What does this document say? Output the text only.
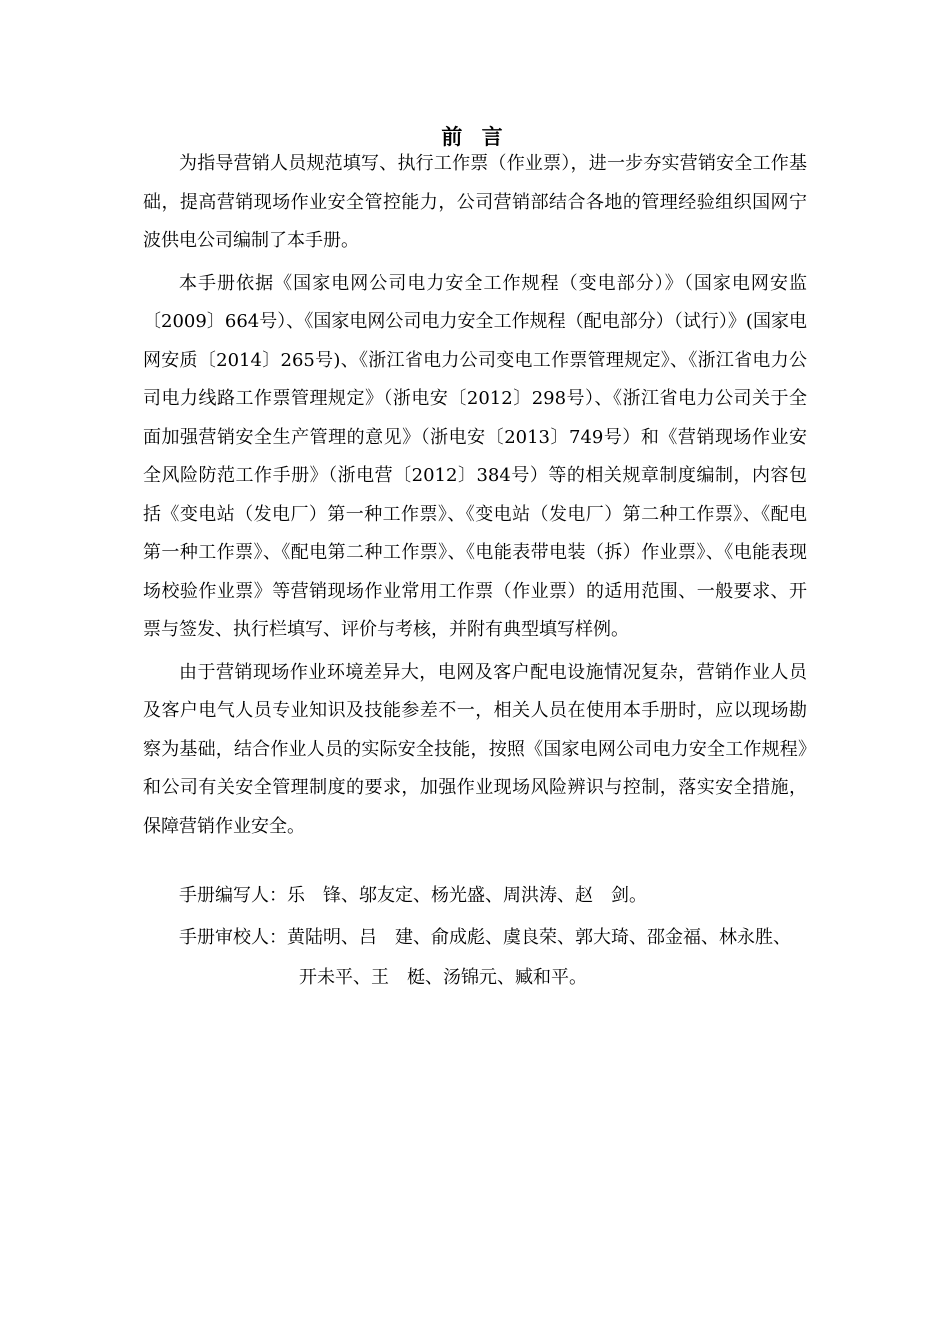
前 言

为指导营销人员规范填写、执行工作票（作业票），进一步夯实营销安全工作基础，提高营销现场作业安全管控能力，公司营销部结合各地的管理经验组织国网宁波供电公司编制了本手册。

本手册依据《国家电网公司电力安全工作规程（变电部分）》（国家电网安监〔2009〕664号）、《国家电网公司电力安全工作规程（配电部分）（试行）》(国家电网安质〔2014〕265号)、《浙江省电力公司变电工作票管理规定》、《浙江省电力公司电力线路工作票管理规定》（浙电安〔2012〕298号）、《浙江省电力公司关于全面加强营销安全生产管理的意见》（浙电安〔2013〕749号）和《营销现场作业安全风险防范工作手册》（浙电营〔2012〕384号）等的相关规章制度编制，内容包括《变电站（发电厂）第一种工作票》、《变电站（发电厂）第二种工作票》、《配电第一种工作票》、《配电第二种工作票》、《电能表带电装（拆）作业票》、《电能表现场校验作业票》等营销现场作业常用工作票（作业票）的适用范围、一般要求、开票与签发、执行栏填写、评价与考核，并附有典型填写样例。

由于营销现场作业环境差异大，电网及客户配电设施情况复杂，营销作业人员及客户电气人员专业知识及技能参差不一，相关人员在使用本手册时，应以现场勘察为基础，结合作业人员的实际安全技能，按照《国家电网公司电力安全工作规程》和公司有关安全管理制度的要求，加强作业现场风险辨识与控制，落实安全措施，保障营销作业安全。

手册编写人：乐　锋、邬友定、杨光盛、周洪涛、赵　剑。

手册审校人：黄陆明、吕　建、俞成彪、虞良荣、郭大琦、邵金福、林永胜、

开未平、王　梃、汤锦元、臧和平。
